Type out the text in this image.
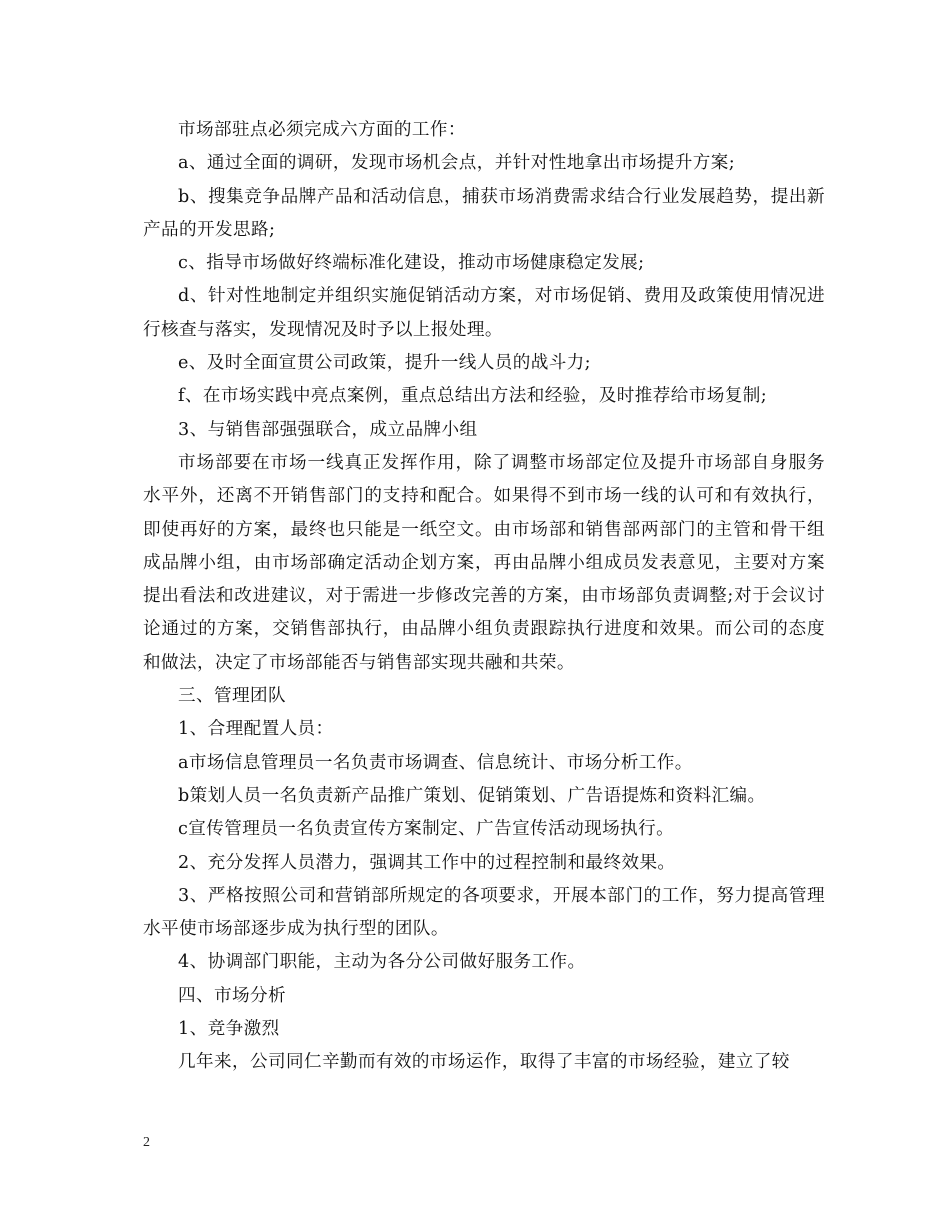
市场部驻点必须完成六方面的工作：

a、通过全面的调研，发现市场机会点，并针对性地拿出市场提升方案;

b、搜集竞争品牌产品和活动信息，捕获市场消费需求结合行业发展趋势，提出新产品的开发思路;

c、指导市场做好终端标准化建设，推动市场健康稳定发展;

d、针对性地制定并组织实施促销活动方案，对市场促销、费用及政策使用情况进行核查与落实，发现情况及时予以上报处理。

e、及时全面宣贯公司政策，提升一线人员的战斗力;

f、在市场实践中亮点案例，重点总结出方法和经验，及时推荐给市场复制;

3、与销售部强强联合，成立品牌小组

市场部要在市场一线真正发挥作用，除了调整市场部定位及提升市场部自身服务水平外，还离不开销售部门的支持和配合。如果得不到市场一线的认可和有效执行，即使再好的方案，最终也只能是一纸空文。由市场部和销售部两部门的主管和骨干组成品牌小组，由市场部确定活动企划方案，再由品牌小组成员发表意见，主要对方案提出看法和改进建议，对于需进一步修改完善的方案，由市场部负责调整;对于会议讨论通过的方案，交销售部执行，由品牌小组负责跟踪执行进度和效果。而公司的态度和做法，决定了市场部能否与销售部实现共融和共荣。

三、管理团队

1、合理配置人员：

a市场信息管理员一名负责市场调查、信息统计、市场分析工作。

b策划人员一名负责新产品推广策划、促销策划、广告语提炼和资料汇编。

c宣传管理员一名负责宣传方案制定、广告宣传活动现场执行。

2、充分发挥人员潜力，强调其工作中的过程控制和最终效果。

3、严格按照公司和营销部所规定的各项要求，开展本部门的工作，努力提高管理水平使市场部逐步成为执行型的团队。

4、协调部门职能，主动为各分公司做好服务工作。

四、市场分析

1、竞争激烈

几年来，公司同仁辛勤而有效的市场运作，取得了丰富的市场经验，建立了较

2
